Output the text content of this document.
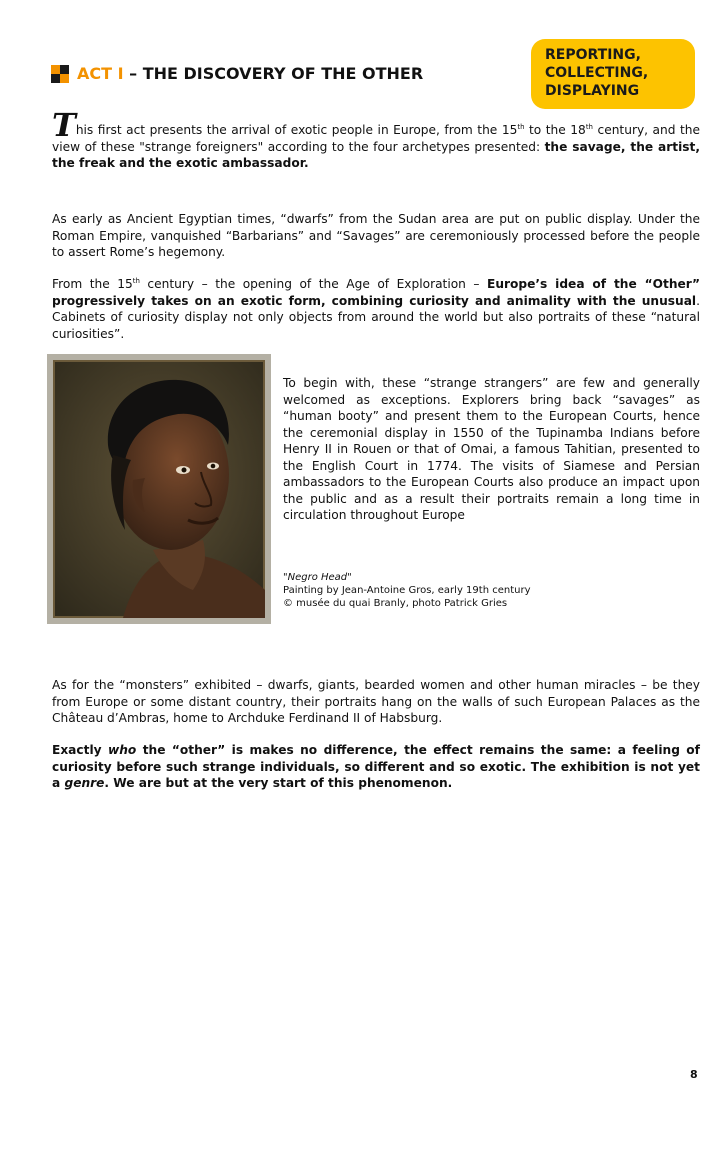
REPORTING,
COLLECTING,
DISPLAYING
ACT I – THE DISCOVERY OF THE OTHER

This first act presents the arrival of exotic people in Europe, from the 15th to the 18th century, and the view of these "strange foreigners" according to the four archetypes presented: the savage, the artist, the freak and the exotic ambassador.

As early as Ancient Egyptian times, “dwarfs” from the Sudan area are put on public display. Under the Roman Empire, vanquished “Barbarians” and “Savages” are ceremoniously processed before the people to assert Rome’s hegemony.

From the 15th century – the opening of the Age of Exploration – Europe’s idea of the “Other” progressively takes on an exotic form, combining curiosity and animality with the unusual. Cabinets of curiosity display not only objects from around the world but also portraits of these “natural curiosities”.

To begin with, these “strange strangers” are few and generally welcomed as exceptions. Explorers bring back “savages” as “human booty” and present them to the European Courts, hence the ceremonial display in 1550 of the Tupinamba Indians before Henry II in Rouen or that of Omai, a famous Tahitian, presented to the English Court in 1774. The visits of Siamese and Persian ambassadors to the European Courts also produce an impact upon the public and as a result their portraits remain a long time in circulation throughout Europe

"Negro Head"
Painting by Jean-Antoine Gros, early 19th century
© musée du quai Branly, photo Patrick Gries

As for the “monsters” exhibited – dwarfs, giants, bearded women and other human miracles – be they from Europe or some distant country, their portraits hang on the walls of such European Palaces as the Château d’Ambras, home to Archduke Ferdinand II of Habsburg.

Exactly who the “other” is makes no difference, the effect remains the same: a feeling of curiosity before such strange individuals, so different and so exotic. The exhibition is not yet a genre. We are but at the very start of this phenomenon.

8
